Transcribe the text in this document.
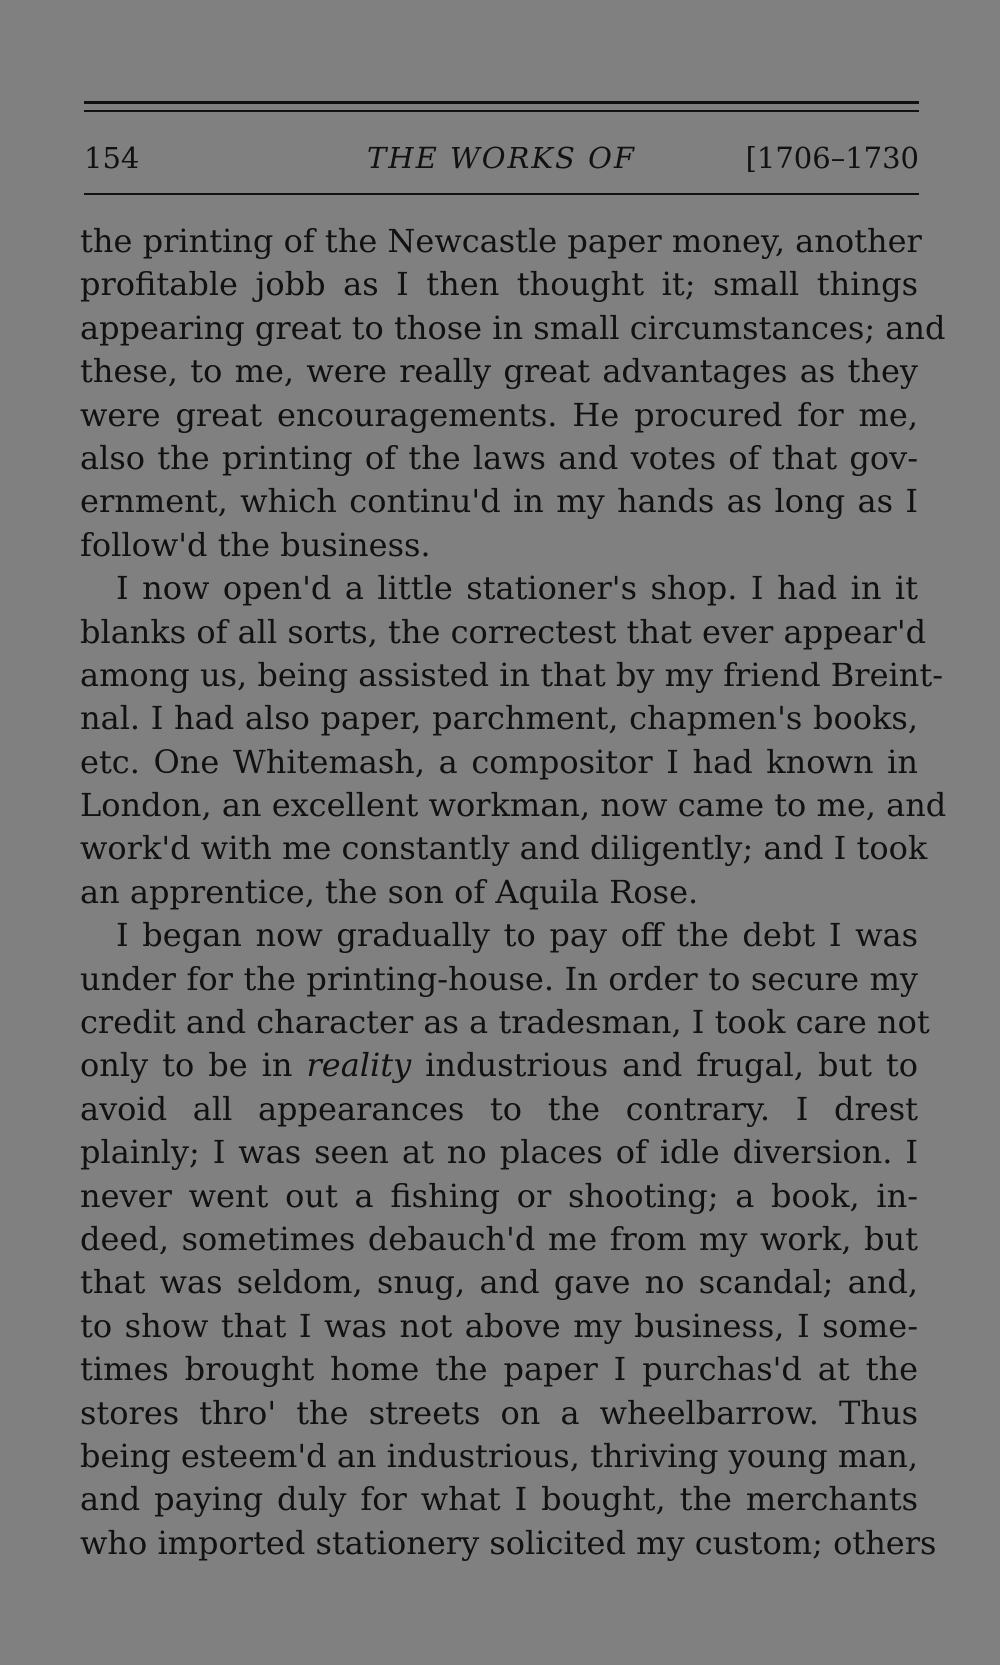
154	THE WORKS OF	[1706–1730
the printing of the Newcastle paper money, another
profitable jobb as I then thought it; small things
appearing great to those in small circumstances; and
these, to me, were really great advantages as they
were great encouragements. He procured for me,
also the printing of the laws and votes of that gov-
ernment, which continu'd in my hands as long as I
follow'd the business.
I now open'd a little stationer's shop. I had in it
blanks of all sorts, the correctest that ever appear'd
among us, being assisted in that by my friend Breint-
nal. I had also paper, parchment, chapmen's books,
etc. One Whitemash, a compositor I had known in
London, an excellent workman, now came to me, and
work'd with me constantly and diligently; and I took
an apprentice, the son of Aquila Rose.
I began now gradually to pay off the debt I was
under for the printing-house. In order to secure my
credit and character as a tradesman, I took care not
only to be in reality industrious and frugal, but to
avoid all appearances to the contrary. I drest
plainly; I was seen at no places of idle diversion. I
never went out a fishing or shooting; a book, in-
deed, sometimes debauch'd me from my work, but
that was seldom, snug, and gave no scandal; and,
to show that I was not above my business, I some-
times brought home the paper I purchas'd at the
stores thro' the streets on a wheelbarrow. Thus
being esteem'd an industrious, thriving young man,
and paying duly for what I bought, the merchants
who imported stationery solicited my custom; others
